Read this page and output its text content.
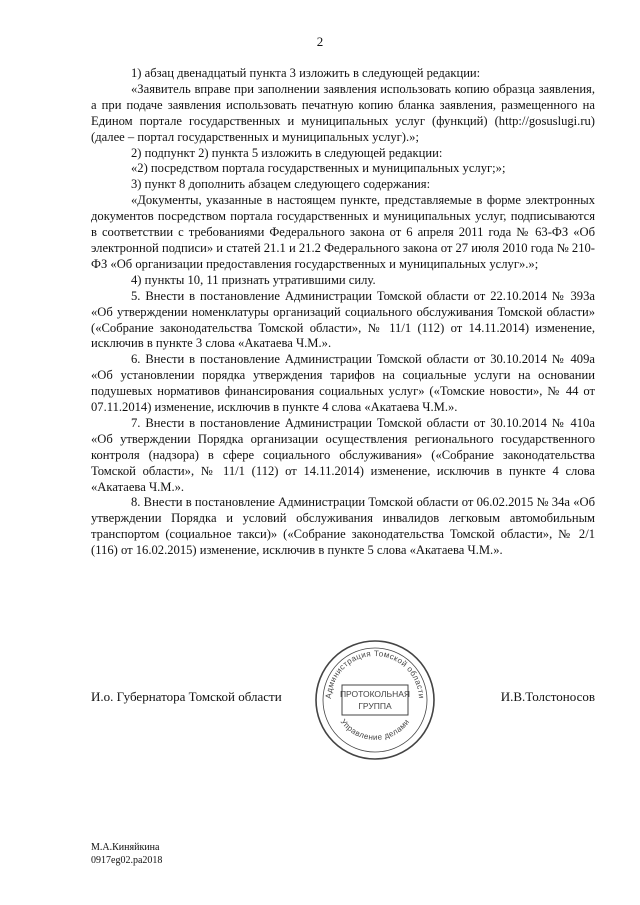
2

1) абзац двенадцатый пункта 3 изложить в следующей редакции:

«Заявитель вправе при заполнении заявления использовать копию образца заявления, а при подаче заявления использовать печатную копию бланка заявления, размещенного на Едином портале государственных и муниципальных услуг (функций) (http://gosuslugi.ru) (далее – портал государственных и муниципальных услуг).»;

2) подпункт 2) пункта 5 изложить в следующей редакции:

«2) посредством портала государственных и муниципальных услуг;»;

3) пункт 8 дополнить абзацем следующего содержания:

«Документы, указанные в настоящем пункте, представляемые в форме электронных документов посредством портала государственных и муниципальных услуг, подписываются в соответствии с требованиями Федерального закона от 6 апреля 2011 года № 63-ФЗ «Об электронной подписи» и статей 21.1 и 21.2 Федерального закона от 27 июля 2010 года № 210-ФЗ «Об организации предоставления государственных и муниципальных услуг».»;

4) пункты 10, 11 признать утратившими силу.

5. Внести в постановление Администрации Томской области от 22.10.2014 № 393а «Об утверждении номенклатуры организаций социального обслуживания Томской области» («Собрание законодательства Томской области», № 11/1 (112) от 14.11.2014) изменение, исключив в пункте 3 слова «Акатаева Ч.М.».

6. Внести в постановление Администрации Томской области от 30.10.2014 № 409а «Об установлении порядка утверждения тарифов на социальные услуги на основании подушевых нормативов финансирования социальных услуг» («Томские новости», № 44 от 07.11.2014) изменение, исключив в пункте 4 слова «Акатаева Ч.М.».

7. Внести в постановление Администрации Томской области от 30.10.2014 № 410а «Об утверждении Порядка организации осуществления регионального государственного контроля (надзора) в сфере социального обслуживания» («Собрание законодательства Томской области», № 11/1 (112) от 14.11.2014) изменение, исключив в пункте 4 слова «Акатаева Ч.М.».

8. Внести в постановление Администрации Томской области от 06.02.2015 № 34а «Об утверждении Порядка и условий обслуживания инвалидов легковым автомобильным транспортом (социальное такси)» («Собрание законодательства Томской области», № 2/1 (116) от 16.02.2015) изменение, исключив в пункте 5 слова «Акатаева Ч.М.».

Администрация Томской области
Управление делами
ПРОТОКОЛЬНАЯ
ГРУППА
И.о. Губернатора Томской области	И.В.Толстоносов
М.А.Киняйкина
0917eg02.pa2018
